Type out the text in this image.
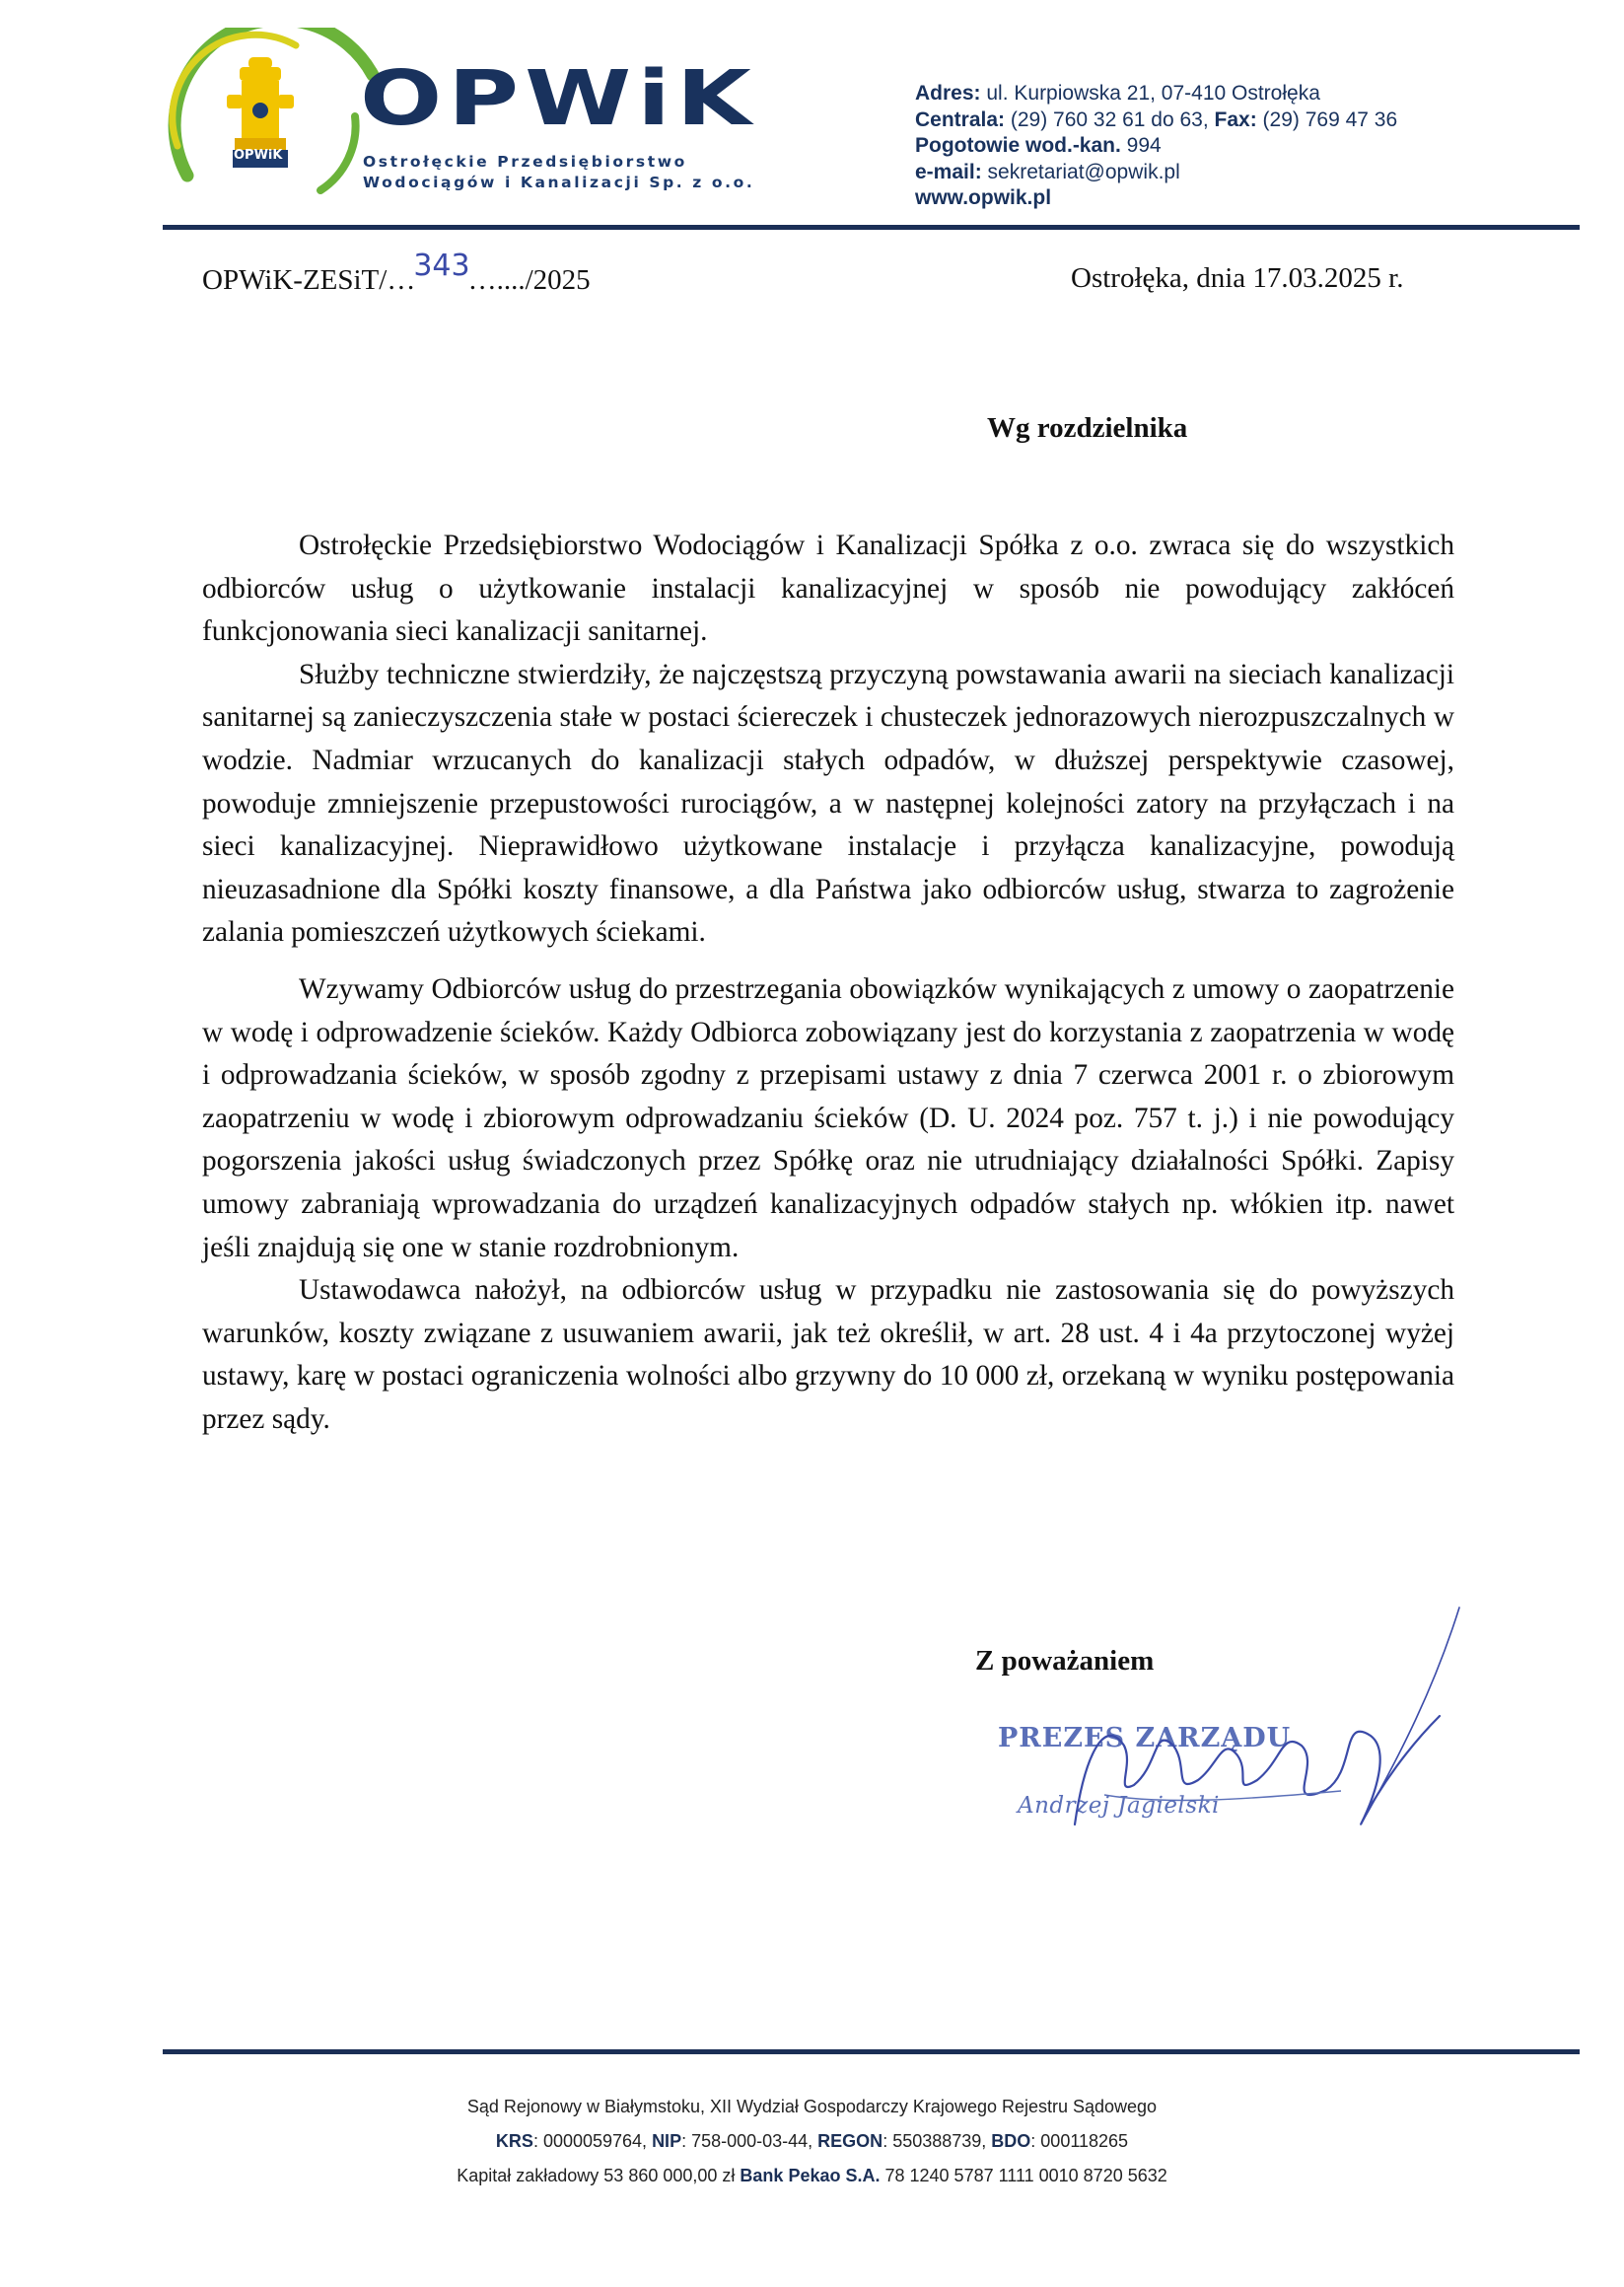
OPWiK
OPWiK
Ostrołęckie Przedsiębiorstwo
Wodociągów i Kanalizacji Sp. z o.o.
Adres: ul. Kurpiowska 21, 07-410 Ostrołęka
Centrala: (29) 760 32 61 do 63, Fax: (29) 769 47 36
Pogotowie wod.-kan. 994
e-mail: sekretariat@opwik.pl
www.opwik.pl
OPWiK-ZESiT/…343…..../2025	Ostrołęka, dnia 17.03.2025 r.
Wg rozdzielnika

Ostrołęckie Przedsiębiorstwo Wodociągów i Kanalizacji Spółka z o.o. zwraca się do wszystkich odbiorców usług o użytkowanie instalacji kanalizacyjnej w sposób nie powodujący zakłóceń funkcjonowania sieci kanalizacji sanitarnej.

Służby techniczne stwierdziły, że najczęstszą przyczyną powstawania awarii na sieciach kanalizacji sanitarnej są zanieczyszczenia stałe w postaci ściereczek i chusteczek jednorazowych nierozpuszczalnych w wodzie. Nadmiar wrzucanych do kanalizacji stałych odpadów, w dłuższej perspektywie czasowej, powoduje zmniejszenie przepustowości rurociągów, a w następnej kolejności zatory na przyłączach i na sieci kanalizacyjnej. Nieprawidłowo użytkowane instalacje i przyłącza kanalizacyjne, powodują nieuzasadnione dla Spółki koszty finansowe, a dla Państwa jako odbiorców usług, stwarza to zagrożenie zalania pomieszczeń użytkowych ściekami.

Wzywamy Odbiorców usług do przestrzegania obowiązków wynikających z umowy o zaopatrzenie w wodę i odprowadzenie ścieków. Każdy Odbiorca zobowiązany jest do korzystania z zaopatrzenia w wodę i odprowadzania ścieków, w sposób zgodny z przepisami ustawy z dnia 7 czerwca 2001 r. o zbiorowym zaopatrzeniu w wodę i zbiorowym odprowadzaniu ścieków (D. U. 2024 poz. 757 t. j.) i nie powodujący pogorszenia jakości usług świadczonych przez Spółkę oraz nie utrudniający działalności Spółki. Zapisy umowy zabraniają wprowadzania do urządzeń kanalizacyjnych odpadów stałych np. włókien itp. nawet jeśli znajdują się one w stanie rozdrobnionym.

Ustawodawca nałożył, na odbiorców usług w przypadku nie zastosowania się do powyższych warunków, koszty związane z usuwaniem awarii, jak też określił, w art. 28 ust. 4 i 4a przytoczonej wyżej ustawy, karę w postaci ograniczenia wolności albo grzywny do 10 000 zł, orzekaną w wyniku postępowania przez sądy.

Z poważaniem
PREZES ZARZĄDU
Andrzej Jagielski
Sąd Rejonowy w Białymstoku, XII Wydział Gospodarczy Krajowego Rejestru Sądowego
KRS: 0000059764, NIP: 758-000-03-44, REGON: 550388739, BDO: 000118265
Kapitał zakładowy 53 860 000,00 zł Bank Pekao S.A. 78 1240 5787 1111 0010 8720 5632
